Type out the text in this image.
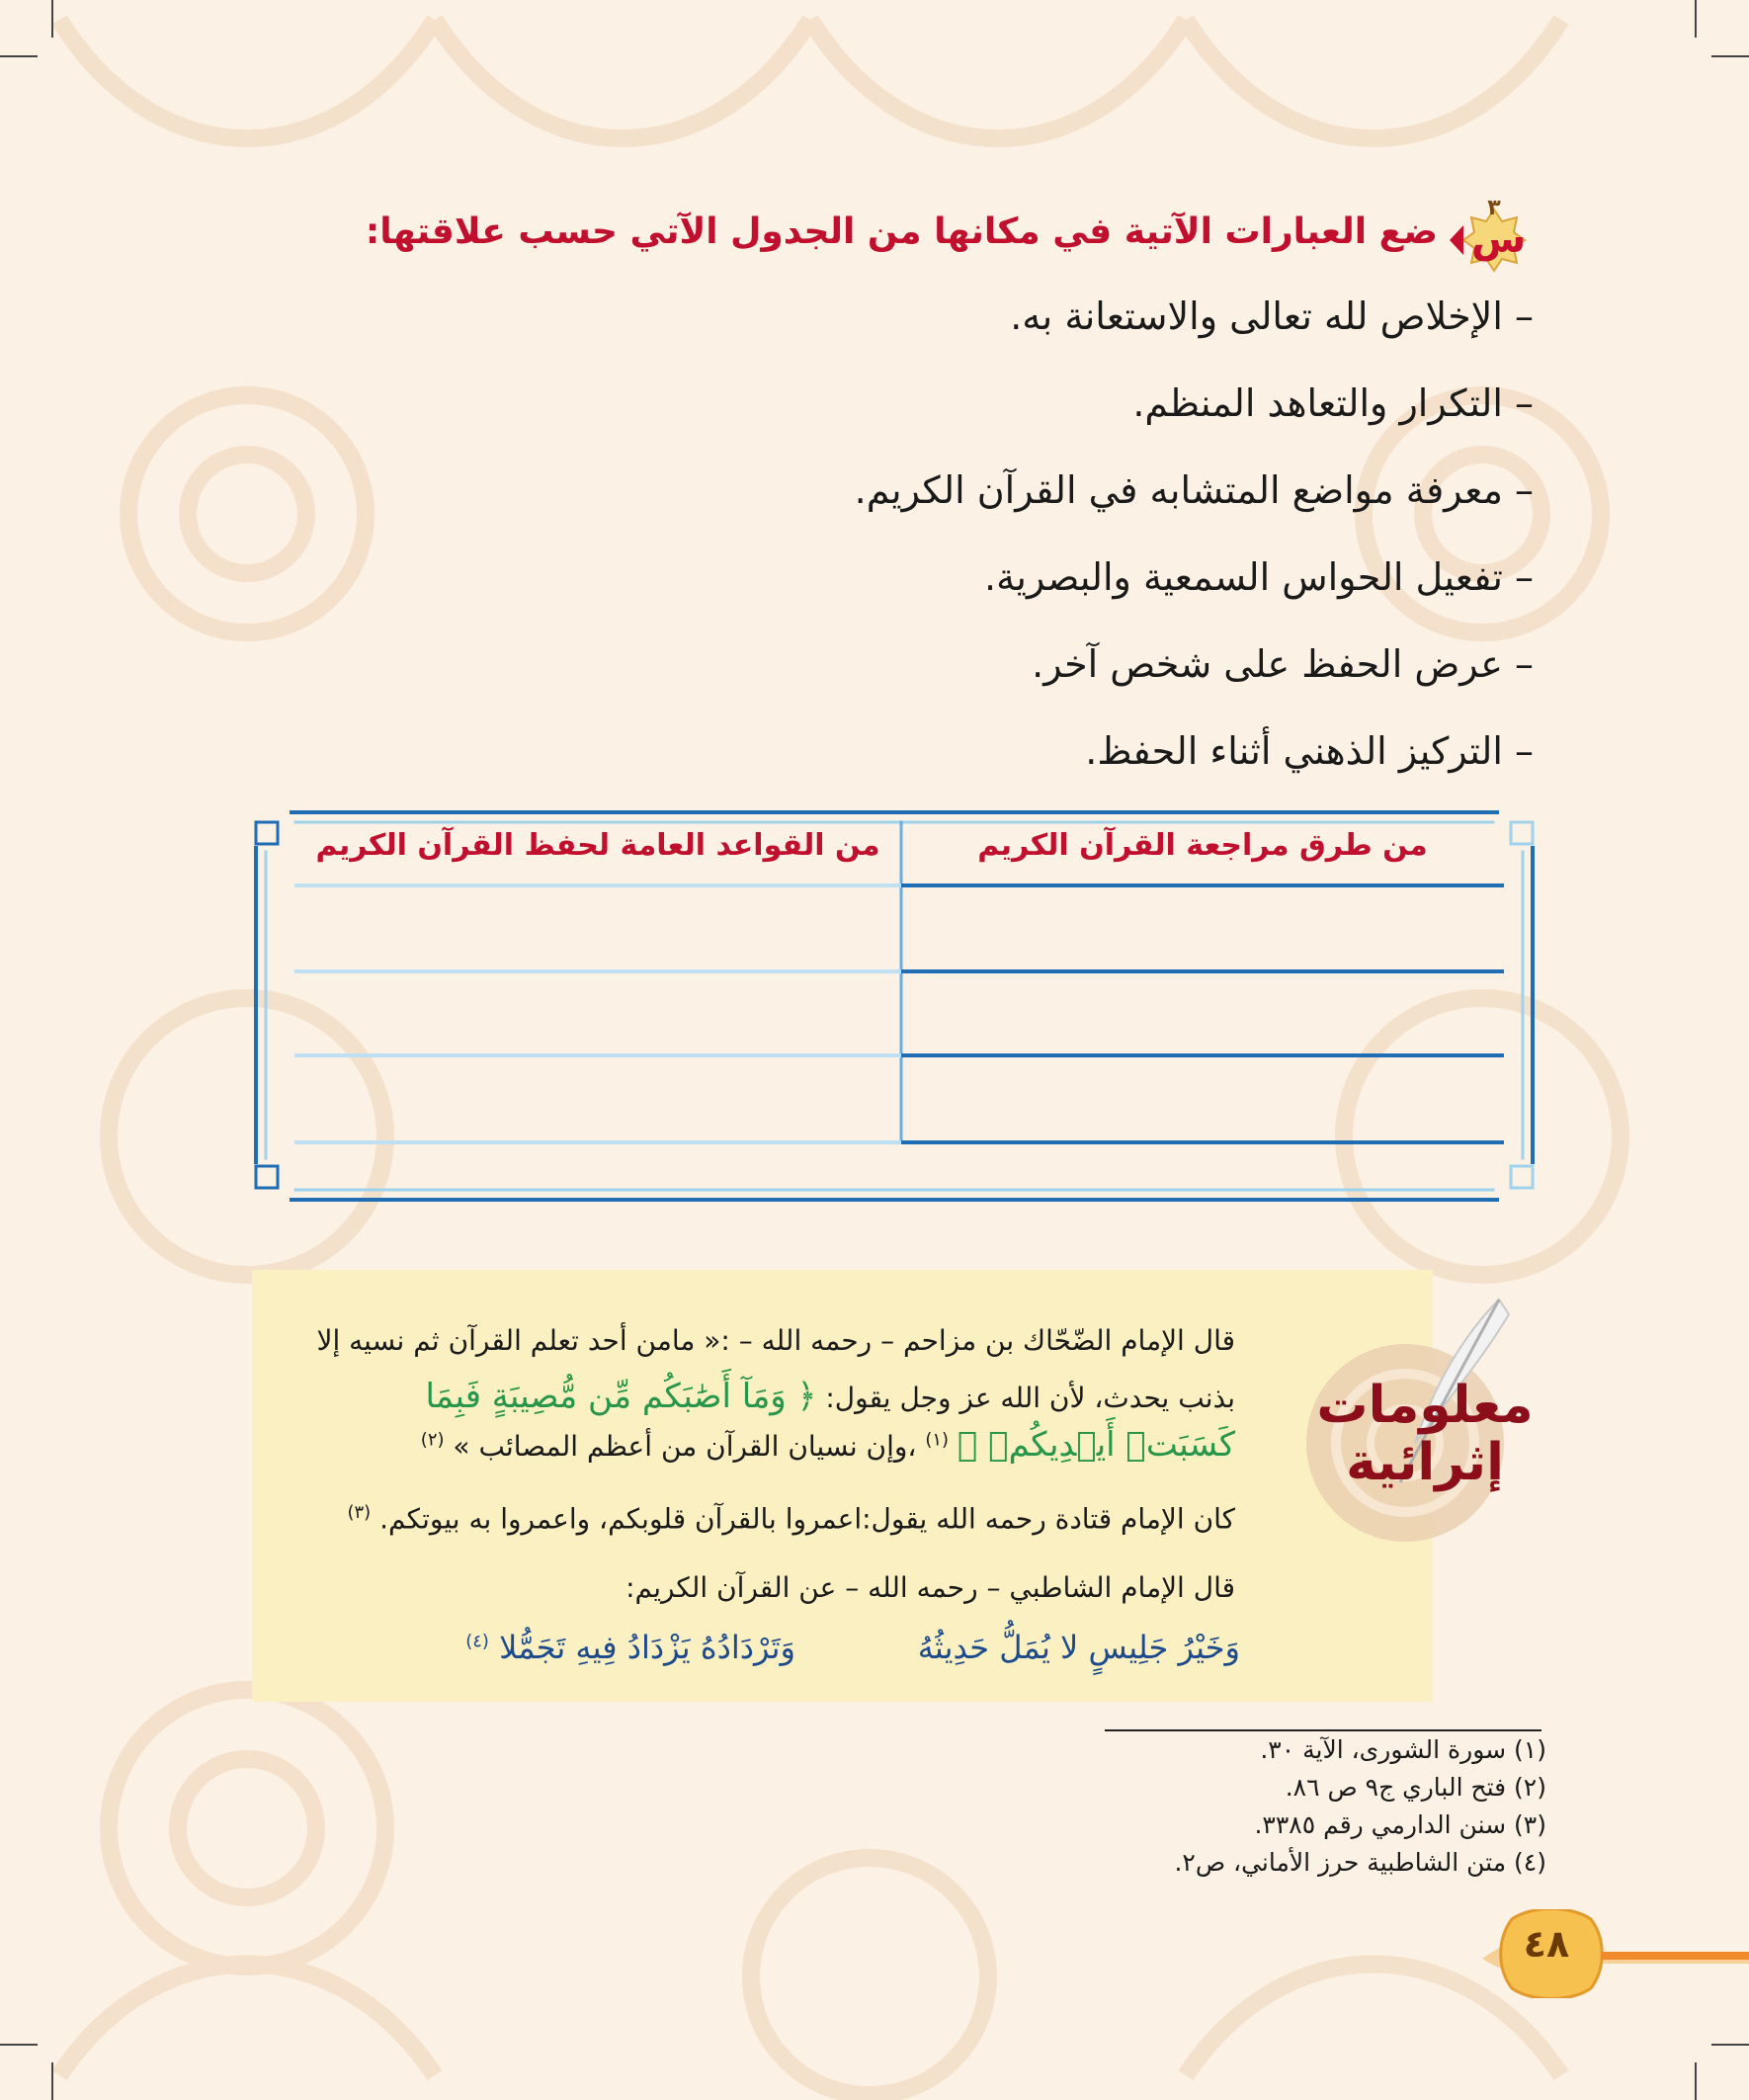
٣
س
ضع العبارات الآتية في مكانها من الجدول الآتي حسب علاقتها:
– الإخلاص لله تعالى والاستعانة به.
– التكرار والتعاهد المنظم.
– معرفة مواضع المتشابه في القرآن الكريم.
– تفعيل الحواس السمعية والبصرية.
– عرض الحفظ على شخص آخر.
– التركيز الذهني أثناء الحفظ.
من طرق مراجعة القرآن الكريم
من القواعد العامة لحفظ القرآن الكريم
معلومات
إثرائية
قال الإمام الضّحّاك بن مزاحم – رحمه الله – :« مامن أحد تعلم القرآن ثم نسيه إلا
بذنب يحدث، لأن الله عز وجل يقول: ﴿ وَمَآ أَصَٰبَكُم مِّن مُّصِيبَةٍ فَبِمَا
كَسَبَتۡ أَيۡدِيكُمۡ ﴾ $^{(١)}$ ،وإن نسيان القرآن من أعظم المصائب » $^{(٢)}$
كان الإمام قتادة رحمه الله يقول:اعمروا بالقرآن قلوبكم، واعمروا به بيوتكم. $^{(٣)}$
قال الإمام الشاطبي – رحمه الله – عن القرآن الكريم:
وَخَيْرُ جَلِيسٍ لا يُمَلُّ حَدِيثُهُ
وَتَرْدَادُهُ يَزْدَادُ فِيهِ تَجَمُّلا $^{(٤)}$
(١) سورة الشورى، الآية ٣٠.
(٢) فتح الباري ج٩ ص ٨٦.
(٣) سنن الدارمي رقم ٣٣٨٥.
(٤) متن الشاطبية حرز الأماني، ص٢.
٤٨
